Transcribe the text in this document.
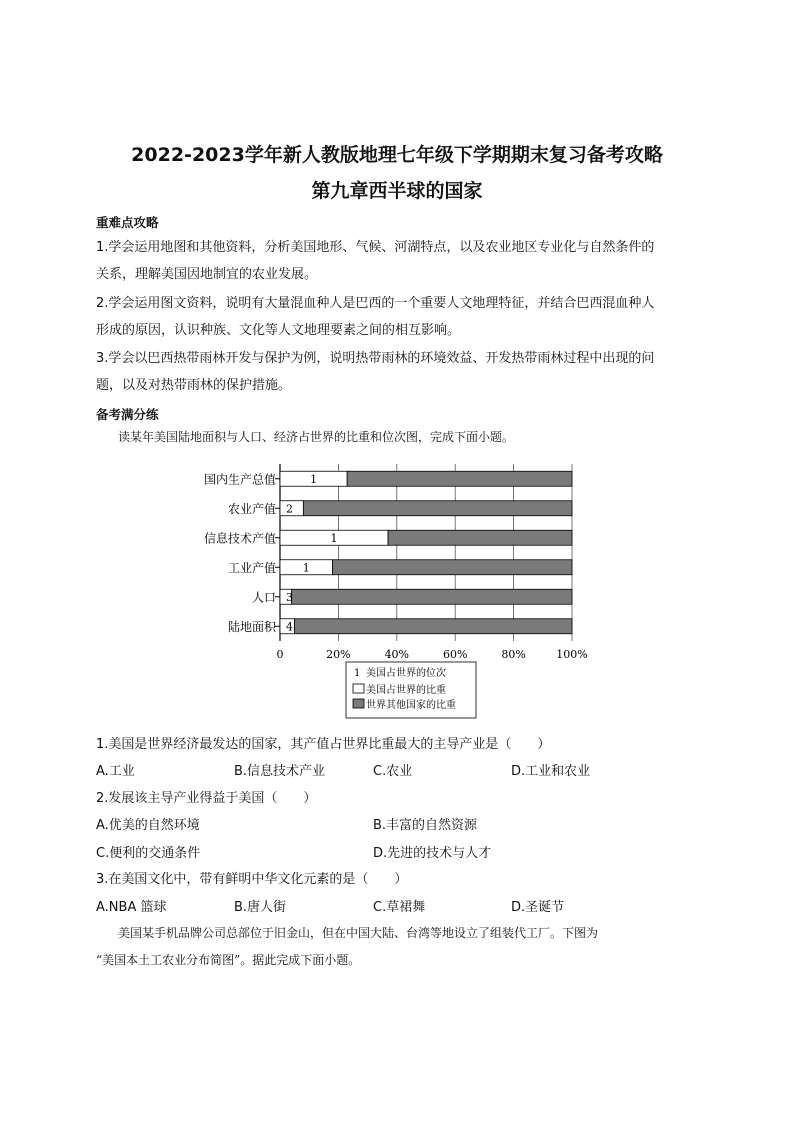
2022-2023学年新人教版地理七年级下学期期末复习备考攻略
第九章西半球的国家
重难点攻略
1.学会运用地图和其他资料，分析美国地形、气候、河湖特点，以及农业地区专业化与自然条件的
关系，理解美国因地制宜的农业发展。
2.学会运用图文资料，说明有大量混血种人是巴西的一个重要人文地理特征，并结合巴西混血种人
形成的原因，认识种族、文化等人文地理要素之间的相互影响。
3.学会以巴西热带雨林开发与保护为例，说明热带雨林的环境效益、开发热带雨林过程中出现的问
题，以及对热带雨林的保护措施。
备考满分练
读某年美国陆地面积与人口、经济占世界的比重和位次图，完成下面小题。
0	20%	40%	60%	80%	100%
国内生产总值	1
农业产值 2
信息技术产值	1
工业产值 1
人口 3
陆地面积 4
1 美国占世界的位次
美国占世界的比重
世界其他国家的比重
1.美国是世界经济最发达的国家，其产值占世界比重最大的主导产业是（　　）
A.工业	B.信息技术产业	C.农业	D.工业和农业
2.发展该主导产业得益于美国（　　）
A.优美的自然环境	B.丰富的自然资源
C.便利的交通条件	D.先进的技术与人才
3.在美国文化中，带有鲜明中华文化元素的是（　　）
A.NBA 篮球	B.唐人街	C.草裙舞	D.圣诞节
美国某手机品牌公司总部位于旧金山，但在中国大陆、台湾等地设立了组装代工厂。下图为
“美国本土工农业分布简图”。据此完成下面小题。
